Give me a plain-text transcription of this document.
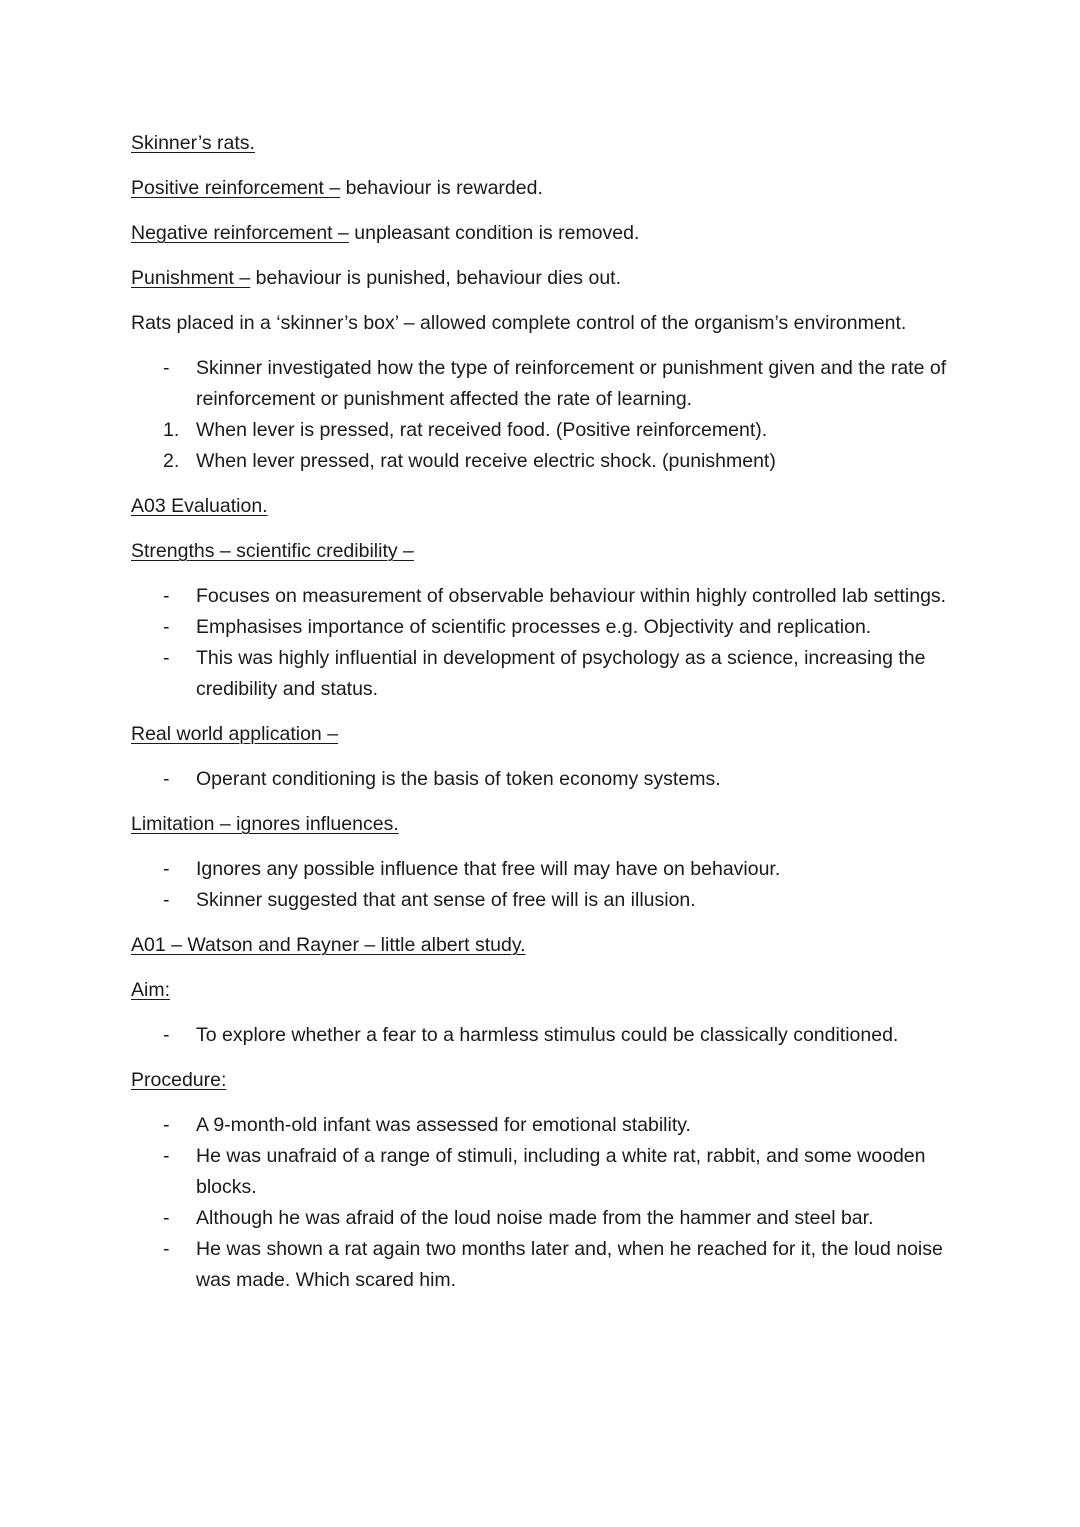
Skinner’s rats.

Positive reinforcement – behaviour is rewarded.

Negative reinforcement – unpleasant condition is removed.

Punishment – behaviour is punished, behaviour dies out.

Rats placed in a ‘skinner’s box’ – allowed complete control of the organism’s environment.

- Skinner investigated how the type of reinforcement or punishment given and the rate of reinforcement or punishment affected the rate of learning.
1. When lever is pressed, rat received food. (Positive reinforcement).
2. When lever pressed, rat would receive electric shock. (punishment)

A03 Evaluation.

Strengths – scientific credibility –

- Focuses on measurement of observable behaviour within highly controlled lab settings.
- Emphasises importance of scientific processes e.g. Objectivity and replication.
- This was highly influential in development of psychology as a science, increasing the credibility and status.

Real world application –

- Operant conditioning is the basis of token economy systems.

Limitation – ignores influences.

- Ignores any possible influence that free will may have on behaviour.
- Skinner suggested that ant sense of free will is an illusion.

A01 – Watson and Rayner – little albert study.

Aim:

- To explore whether a fear to a harmless stimulus could be classically conditioned.

Procedure:

- A 9-month-old infant was assessed for emotional stability.
- He was unafraid of a range of stimuli, including a white rat, rabbit, and some wooden blocks.
- Although he was afraid of the loud noise made from the hammer and steel bar.
- He was shown a rat again two months later and, when he reached for it, the loud noise was made. Which scared him.
